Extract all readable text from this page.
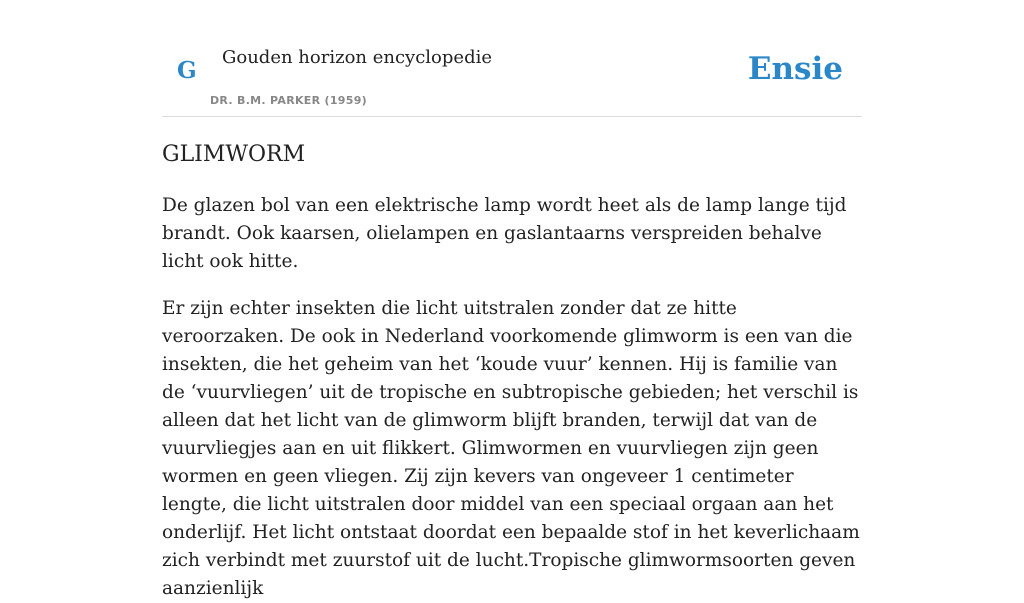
G Gouden horizon encyclopedie
DR. B.M. PARKER (1959)
Ensie
GLIMWORM

De glazen bol van een elektrische lamp wordt heet als de lamp lange tijd brandt. Ook kaarsen, olielampen en gaslantaarns verspreiden behalve licht ook hitte.

Er zijn echter insekten die licht uitstralen zonder dat ze hitte veroorzaken. De ook in Nederland voorkomende glimworm is een van die insekten, die het geheim van het ‘koude vuur’ kennen. Hij is familie van de ‘vuurvliegen’ uit de tropische en subtropische gebieden; het verschil is alleen dat het licht van de glimworm blijft branden, terwijl dat van de vuurvliegjes aan en uit flikkert. Glimwormen en vuurvliegen zijn geen wormen en geen vliegen. Zij zijn kevers van ongeveer 1 centimeter lengte, die licht uitstralen door middel van een speciaal orgaan aan het onderlijf. Het licht ontstaat doordat een bepaalde stof in het keverlichaam zich verbindt met zuurstof uit de lucht.Tropische glimwormsoorten geven aanzienlijk
